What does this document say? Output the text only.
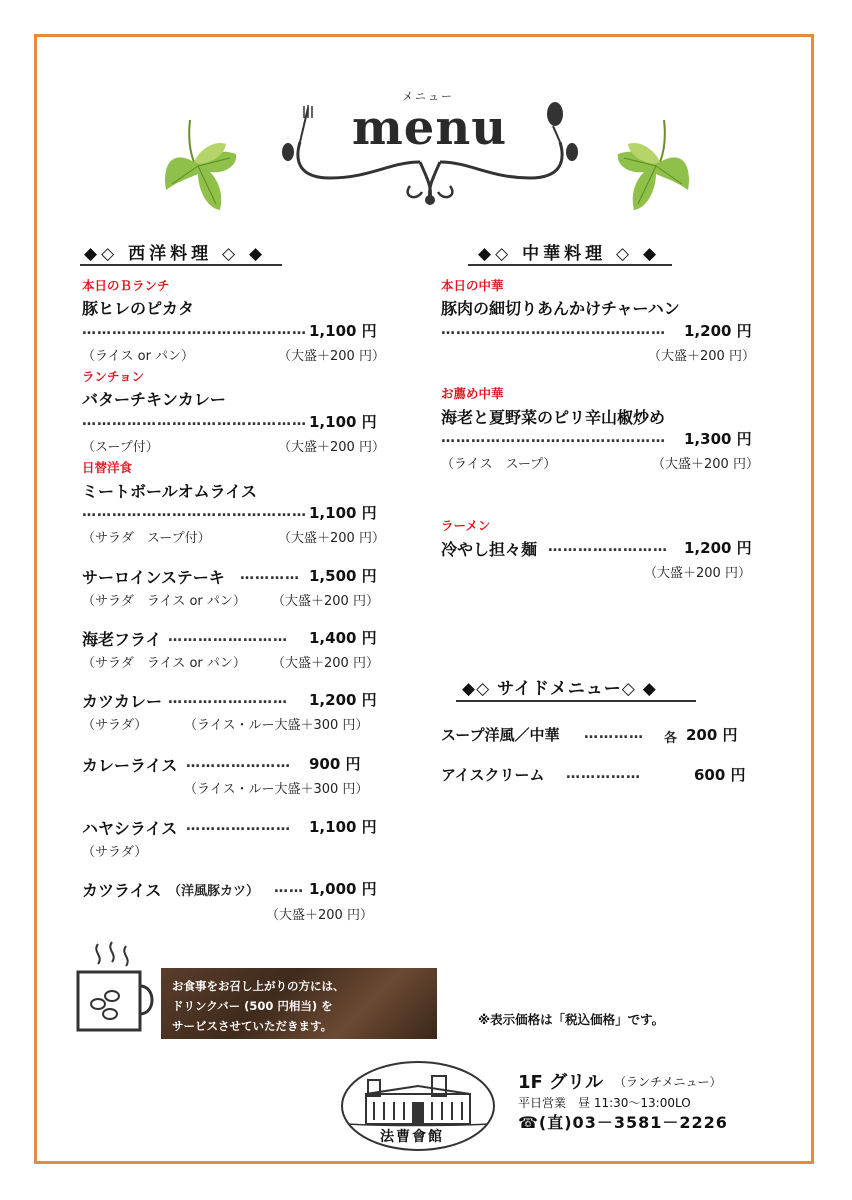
メニュー
menu
◆◇ 西洋料理 ◇ ◆
本日のＢランチ
豚ヒレのピカタ
……………………………………… 1,100 円
（ライス or パン）	（大盛＋200 円）
ランチョン
バターチキンカレー
……………………………………… 1,100 円
（スープ付）	（大盛＋200 円）
日替洋食
ミートボールオムライス
……………………………………… 1,100 円
（サラダ　スープ付）	（大盛＋200 円）
サーロインステーキ ………… 1,500 円
（サラダ　ライス or パン） （大盛＋200 円）
海老フライ ……………………	1,400 円
（サラダ　ライス or パン） （大盛＋200 円）
カツカレー ……………………	1,200 円
（サラダ）	（ライス・ルー大盛＋300 円）
カレーライス …………………	900 円
（ライス・ルー大盛＋300 円）
ハヤシライス …………………	1,100 円
（サラダ）
カツライス （洋風豚カツ） …… 1,000 円
（大盛＋200 円）
◆◇ 中華料理 ◇ ◆
本日の中華
豚肉の細切りあんかけチャーハン
………………………………………	1,200 円
（大盛＋200 円）
お薦め中華
海老と夏野菜のピリ辛山椒炒め
………………………………………	1,300 円
（ライス　スープ）	（大盛＋200 円）
ラーメン
冷やし担々麺 ……………………	1,200 円
（大盛＋200 円）
◆◇ サイドメニュー◇ ◆
スープ洋風／中華 …………	各 200 円
アイスクリーム ……………	600 円
お食事をお召し上がりの方には、
ドリンクバー (500 円相当) を
サービスさせていただきます。	※表示価格は「税込価格」です。
法曹會館
1F グリル （ランチメニュー）
平日営業 昼 11:30～13:00LO
☎(直)03－3581－2226
